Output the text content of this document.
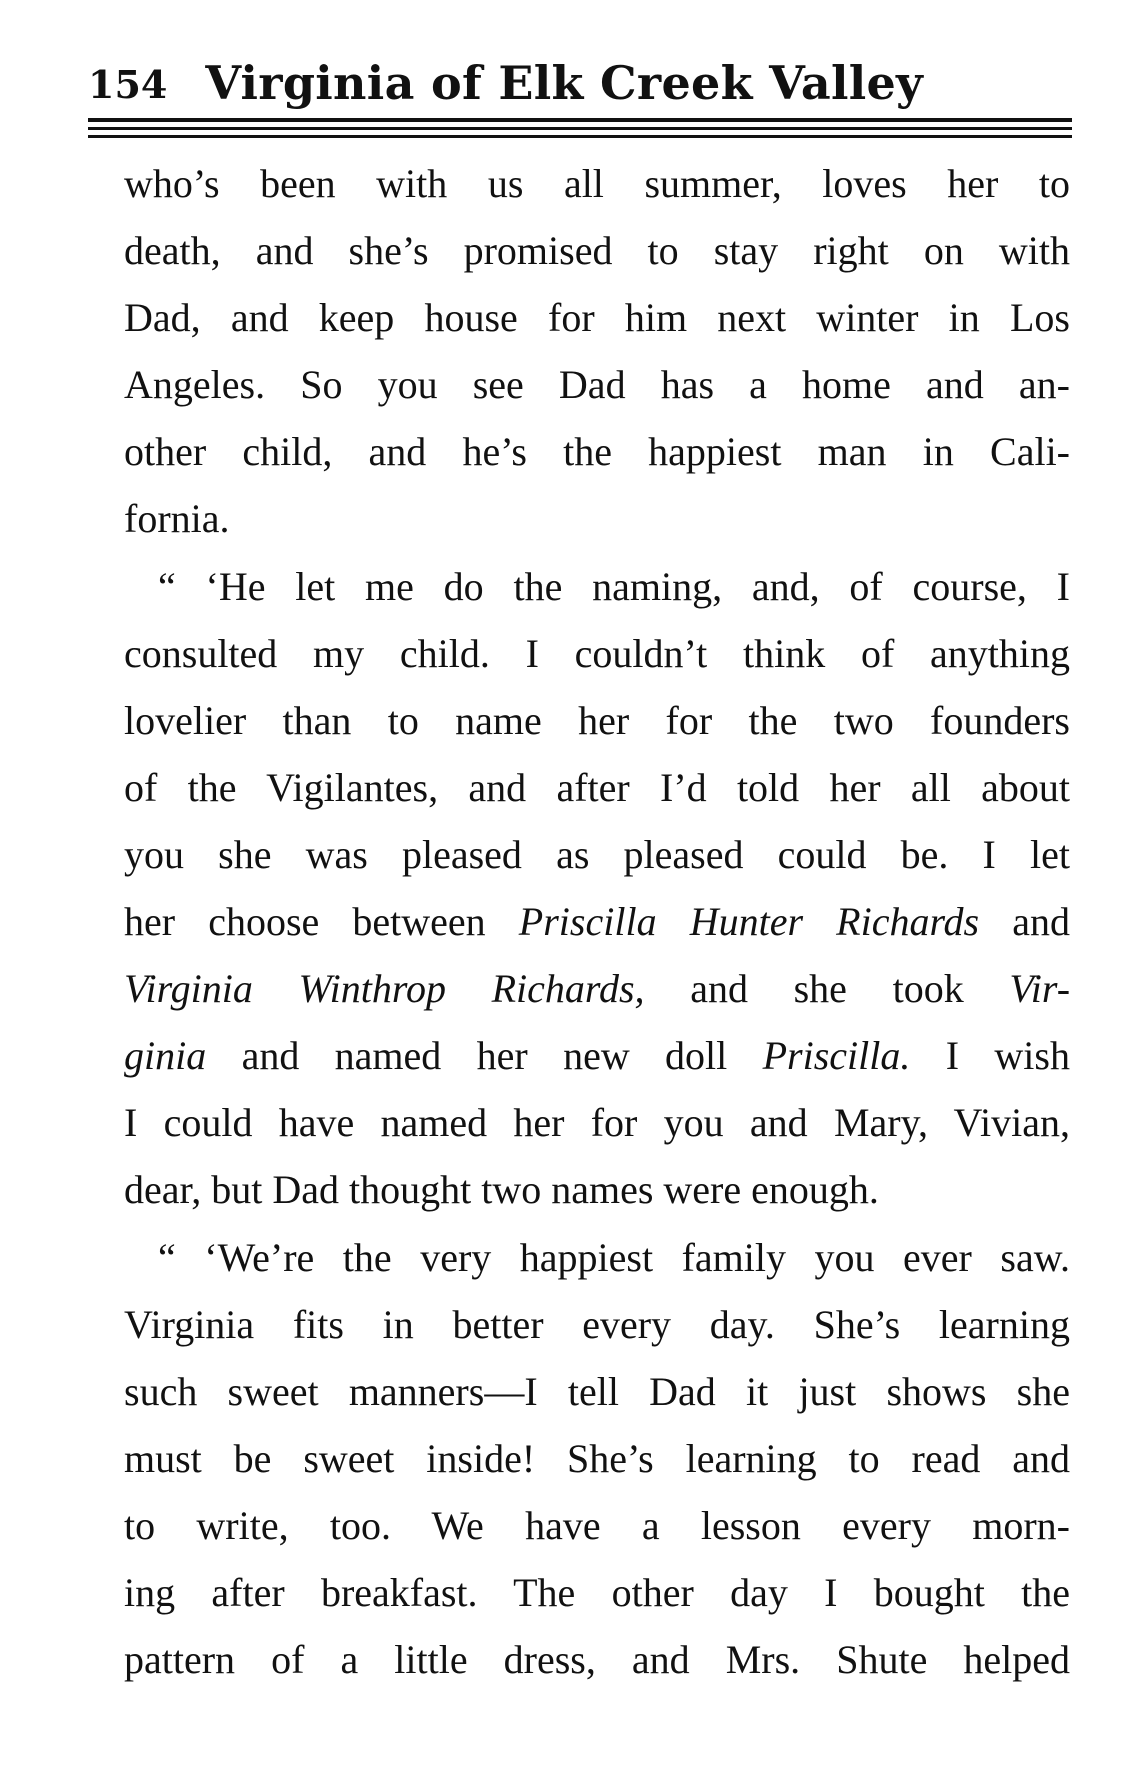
154 Virginia of Elk Creek Valley
who’s been with us all summer, loves her to
death, and she’s promised to stay right on with
Dad, and keep house for him next winter in Los
Angeles. So you see Dad has a home and an-
other child, and he’s the happiest man in Cali-
fornia.
“ ‘He let me do the naming, and, of course, I
consulted my child. I couldn’t think of anything
lovelier than to name her for the two founders
of the Vigilantes, and after I’d told her all about
you she was pleased as pleased could be. I let
her choose between Priscilla Hunter Richards and
Virginia Winthrop Richards, and she took Vir-
ginia and named her new doll Priscilla. I wish
I could have named her for you and Mary, Vivian,
dear, but Dad thought two names were enough.
“ ‘We’re the very happiest family you ever saw.
Virginia fits in better every day. She’s learning
such sweet manners—I tell Dad it just shows she
must be sweet inside! She’s learning to read and
to write, too. We have a lesson every morn-
ing after breakfast. The other day I bought the
pattern of a little dress, and Mrs. Shute helped
